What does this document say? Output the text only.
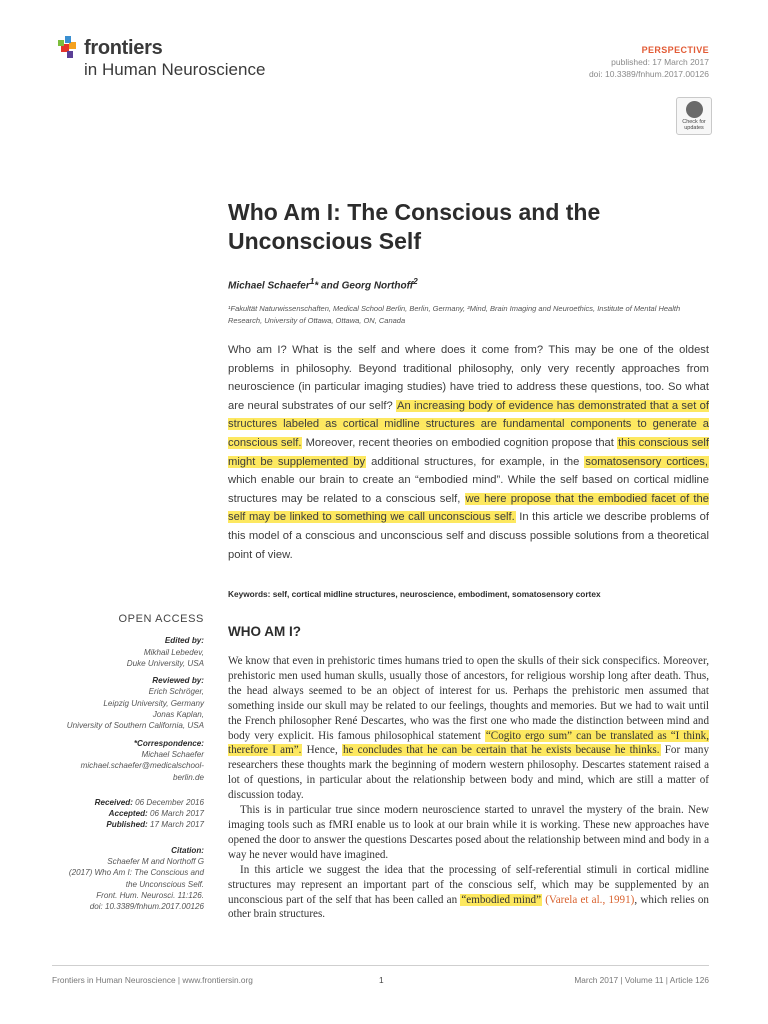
frontiers
in Human Neuroscience
PERSPECTIVE
published: 17 March 2017
doi: 10.3389/fnhum.2017.00126
Check for updates
Who Am I: The Conscious and the Unconscious Self
Michael Schaefer$^1$* and Georg Northoff$^2$
¹Fakultät Naturwissenschaften, Medical School Berlin, Berlin, Germany, ²Mind, Brain Imaging and Neuroethics, Institute of Mental Health Research, University of Ottawa, Ottawa, ON, Canada

Who am I? What is the self and where does it come from? This may be one of the oldest problems in philosophy. Beyond traditional philosophy, only very recently approaches from neuroscience (in particular imaging studies) have tried to address these questions, too. So what are neural substrates of our self? An increasing body of evidence has demonstrated that a set of structures labeled as cortical midline structures are fundamental components to generate a conscious self. Moreover, recent theories on embodied cognition propose that this conscious self might be supplemented by additional structures, for example, in the somatosensory cortices, which enable our brain to create an “embodied mind”. While the self based on cortical midline structures may be related to a conscious self, we here propose that the embodied facet of the self may be linked to something we call unconscious self. In this article we describe problems of this model of a conscious and unconscious self and discuss possible solutions from a theoretical point of view.

Keywords: self, cortical midline structures, neuroscience, embodiment, somatosensory cortex
OPEN ACCESS
Edited by:
Mikhail Lebedev,
Duke University, USA
Reviewed by:
Erich Schröger,
Leipzig University, Germany
Jonas Kaplan,
University of Southern California, USA
*Correspondence:
Michael Schaefer
michael.schaefer@medicalschool-
berlin.de
Received: 06 December 2016
Accepted: 06 March 2017
Published: 17 March 2017
Citation:
Schaefer M and Northoff G
(2017) Who Am I: The Conscious and
the Unconscious Self.
Front. Hum. Neurosci. 11:126.
doi: 10.3389/fnhum.2017.00126
WHO AM I?

We know that even in prehistoric times humans tried to open the skulls of their sick conspecifics. Moreover, prehistoric men used human skulls, usually those of ancestors, for religious worship long after death. Thus, the head always seemed to be an object of interest for us. Perhaps the prehistoric men assumed that something inside our skull may be related to our feelings, thoughts and memories. But we had to wait until the French philosopher René Descartes, who was the first one who made the distinction between mind and body very explicit. His famous philosophical statement “Cogito ergo sum” can be translated as “I think, therefore I am”. Hence, he concludes that he can be certain that he exists because he thinks. For many researchers these thoughts mark the beginning of modern western philosophy. Descartes statement raised a lot of questions, in particular about the relationship between body and mind, which are still a matter of discussion today.

This is in particular true since modern neuroscience started to unravel the mystery of the brain. New imaging tools such as fMRI enable us to look at our brain while it is working. These new approaches have opened the door to answer the questions Descartes posed about the relationship between mind and body in a way he never would have imagined.

In this article we suggest the idea that the processing of self-referential stimuli in cortical midline structures may represent an important part of the conscious self, which may be supplemented by an unconscious part of the self that has been called an “embodied mind” (Varela et al., 1991), which relies on other brain structures.

Frontiers in Human Neuroscience | www.frontiersin.org	1	March 2017 | Volume 11 | Article 126
